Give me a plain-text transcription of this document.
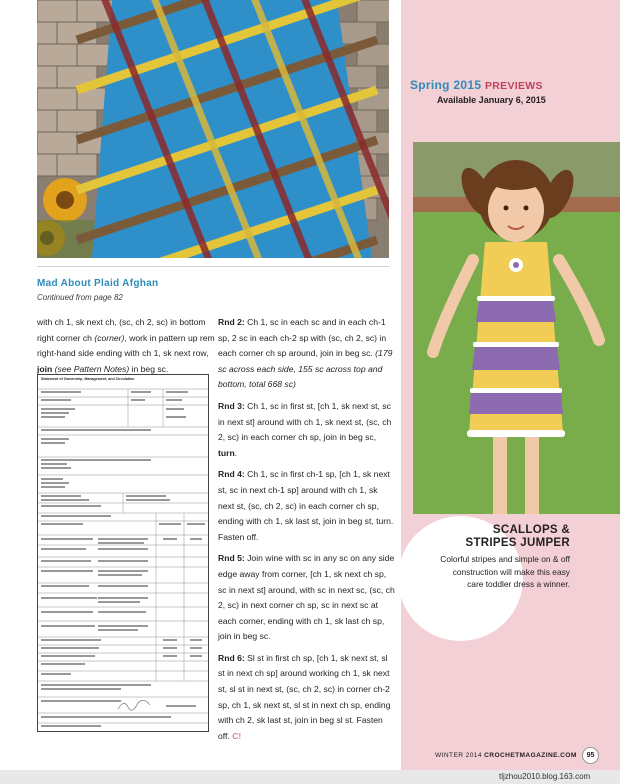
Mad About Plaid Afghan
Continued from page 82

with ch 1, sk next ch, (sc, ch 2, sc) in bottom right corner ch (corner), work in pattern up rem right-hand side ending with ch 1, sk next row, join (see Pattern Notes) in beg sc.

Statement of Ownership, Management, and Circulation

Rnd 2: Ch 1, sc in each sc and in each ch-1 sp, 2 sc in each ch-2 sp with (sc, ch 2, sc) in each corner ch sp around, join in beg sc. (179 sc across each side, 155 sc across top and bottom, total 668 sc)

Rnd 3: Ch 1, sc in first st, [ch 1, sk next st, sc in next st] around with ch 1, sk next st, (sc, ch 2, sc) in each corner ch sp, join in beg sc, turn.

Rnd 4: Ch 1, sc in first ch-1 sp, [ch 1, sk next st, sc in next ch-1 sp] around with ch 1, sk next st, (sc, ch 2, sc) in each corner ch sp, ending with ch 1, sk last st, join in beg st, turn. Fasten off.

Rnd 5: Join wine with sc in any sc on any side edge away from corner, [ch 1, sk next ch sp, sc in next st] around, with sc in next sc, (sc, ch 2, sc) in next corner ch sp, sc in next sc at each corner, ending with ch 1, sk last ch sp, join in beg sc.

Rnd 6: Sl st in first ch sp, [ch 1, sk next st, sl st in next ch sp] around working ch 1, sk next st, sl st in next st, (sc, ch 2, sc) in corner ch-2 sp, ch 1, sk next st, sl st in next ch sp, ending with ch 2, sk last st, join in beg sl st. Fasten off. C!

Spring 2015 PREVIEWS
Available January 6, 2015
SCALLOPS & STRIPES JUMPER
Colorful stripes and simple on & off construction will make this easy care toddler dress a winner.
WINTER 2014 CROCHETMAGAZINE.COM	95
tljzhou2010.blog.163.com
